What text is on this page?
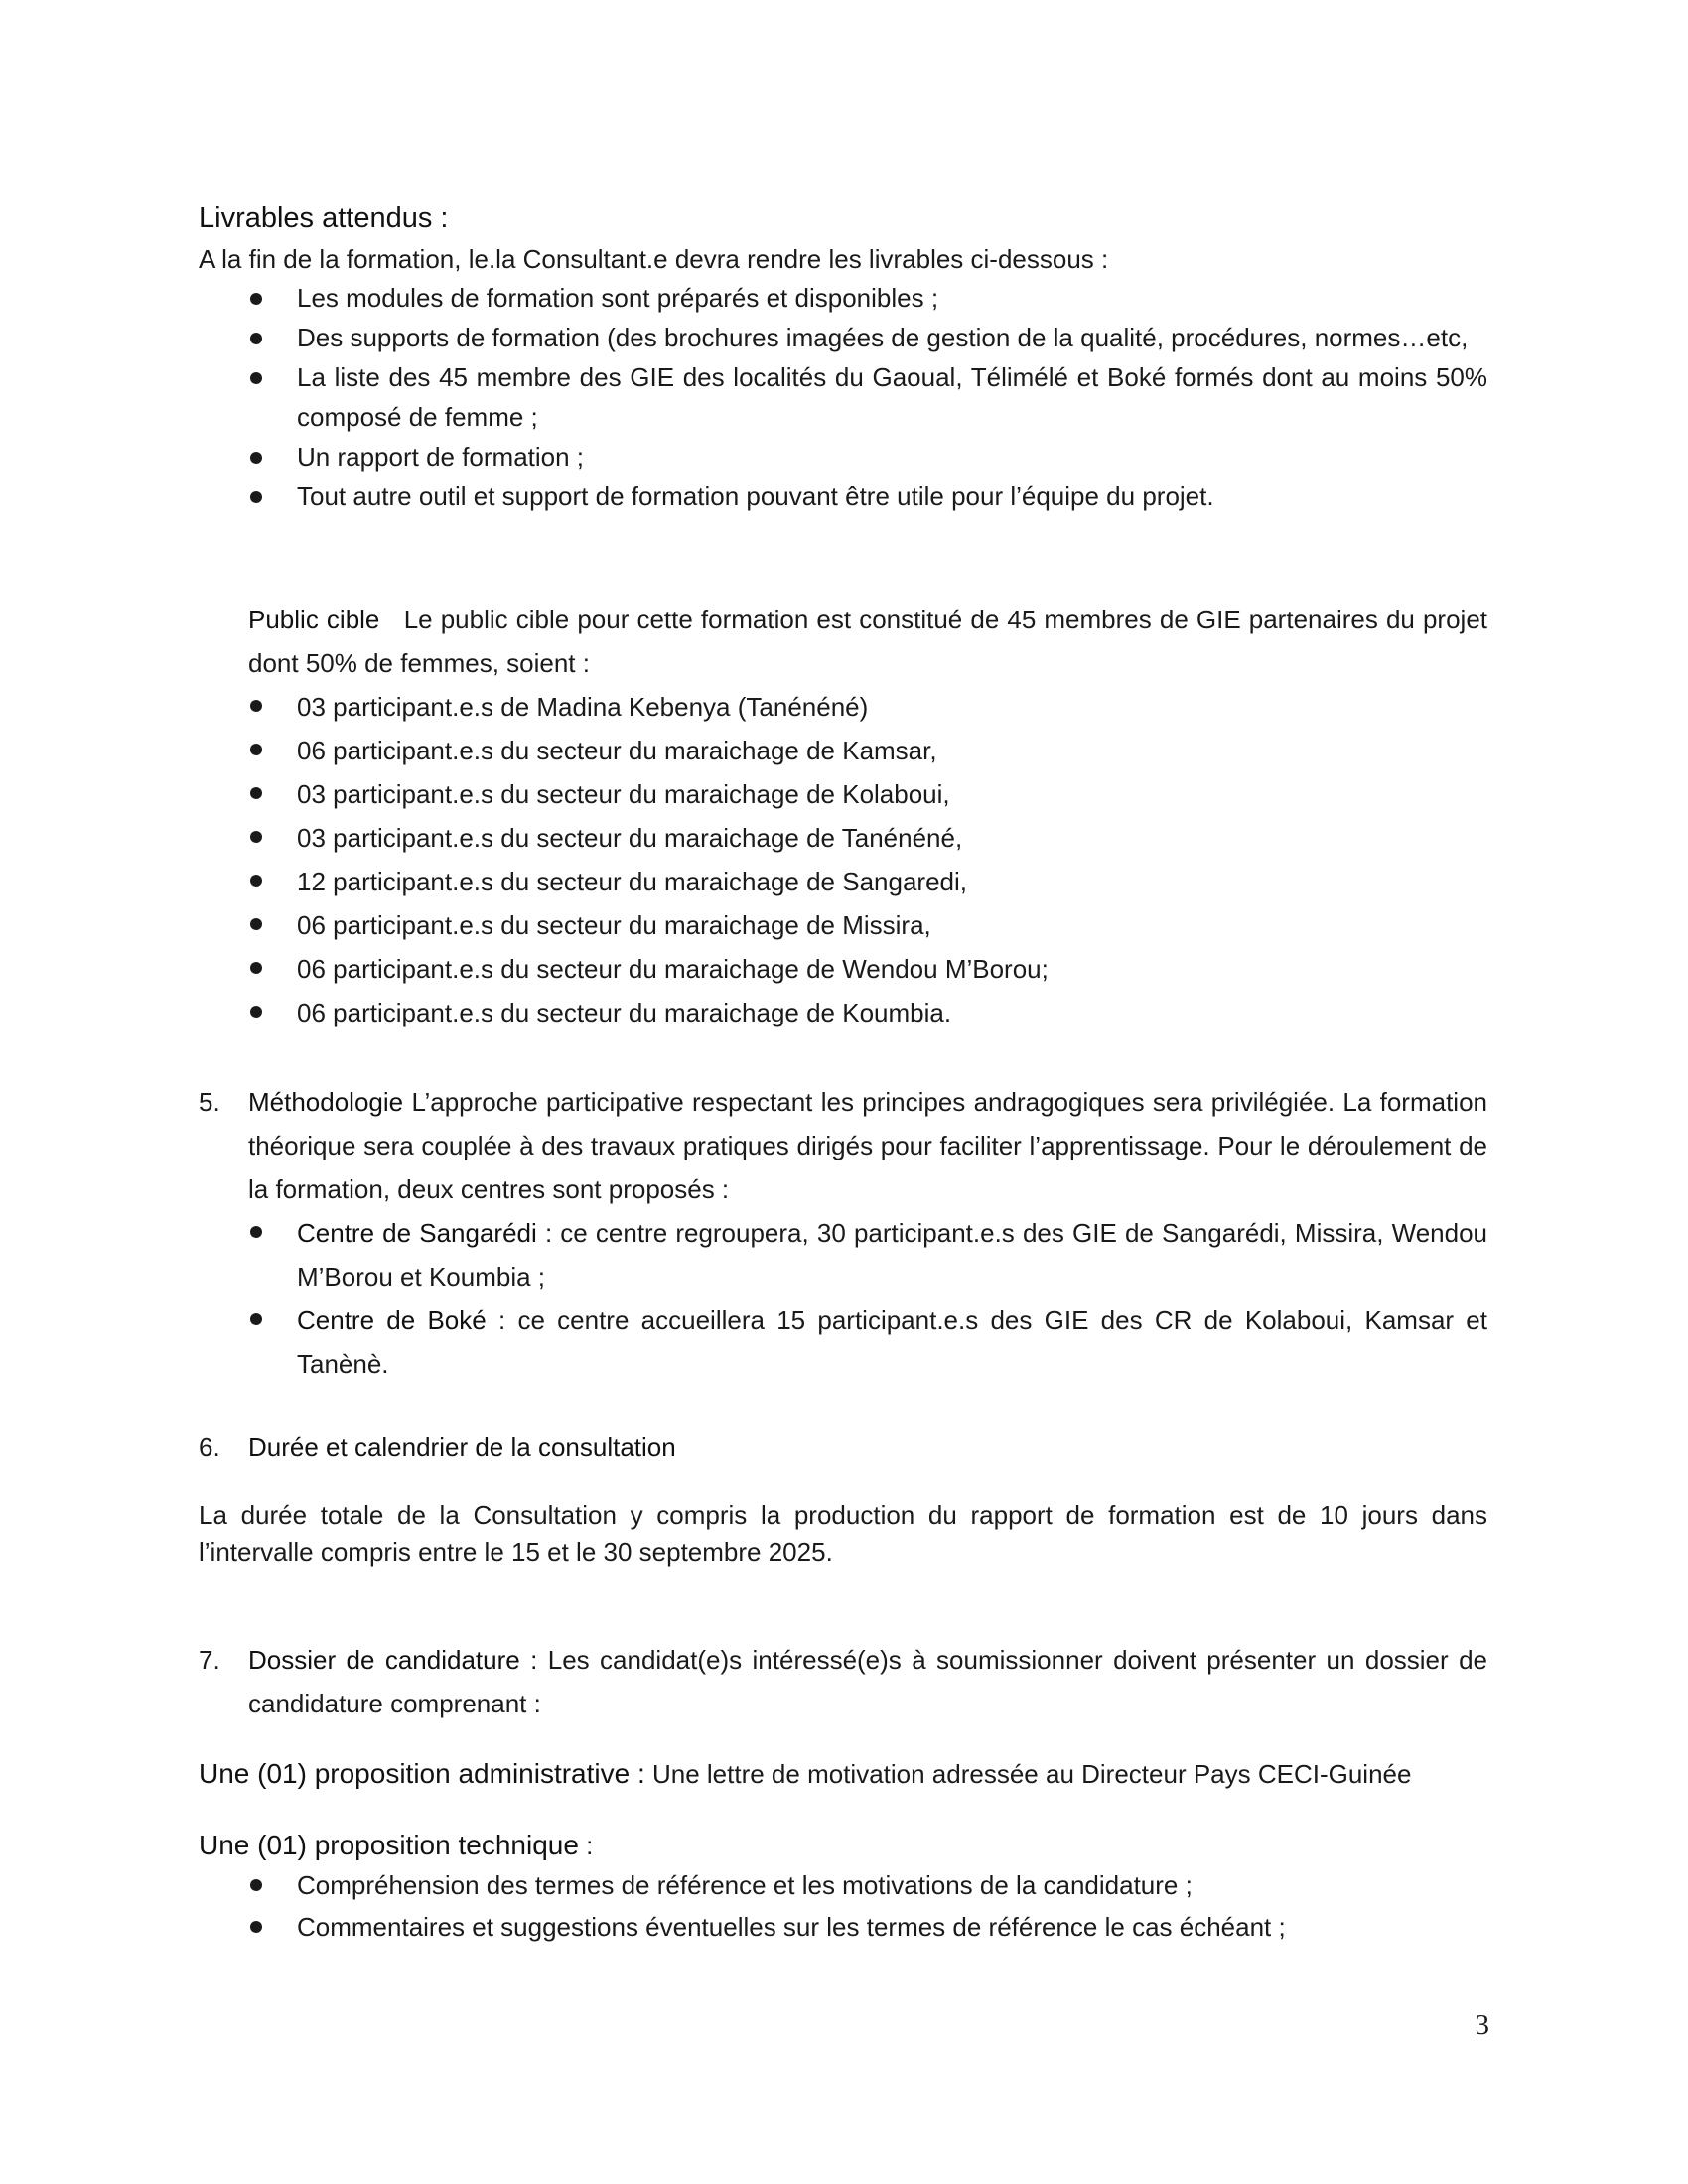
Livrables attendus :

A la fin de la formation, le.la Consultant.e devra rendre les livrables ci-dessous :

Les modules de formation sont préparés et disponibles ;
Des supports de formation (des brochures imagées de gestion de la qualité, procédures, normes…etc,
La liste des 45 membre des GIE des localités du Gaoual, Télimélé et Boké formés dont au moins 50% composé de femme ;
Un rapport de formation ;
Tout autre outil et support de formation pouvant être utile pour l’équipe du projet.

Public cible Le public cible pour cette formation est constitué de 45 membres de GIE partenaires du projet dont 50% de femmes, soient :

03 participant.e.s de Madina Kebenya (Tanénéné)
06 participant.e.s du secteur du maraichage de Kamsar,
03 participant.e.s du secteur du maraichage de Kolaboui,
03 participant.e.s du secteur du maraichage de Tanénéné,
12 participant.e.s du secteur du maraichage de Sangaredi,
06 participant.e.s du secteur du maraichage de Missira,
06 participant.e.s du secteur du maraichage de Wendou M’Borou;
06 participant.e.s du secteur du maraichage de Koumbia.

5. Méthodologie L’approche participative respectant les principes andragogiques sera privilégiée. La formation théorique sera couplée à des travaux pratiques dirigés pour faciliter l’apprentissage. Pour le déroulement de la formation, deux centres sont proposés :

Centre de Sangarédi : ce centre regroupera, 30 participant.e.s des GIE de Sangarédi, Missira, Wendou M’Borou et Koumbia ;
Centre de Boké : ce centre accueillera 15 participant.e.s des GIE des CR de Kolaboui, Kamsar et Tanènè.

6. Durée et calendrier de la consultation

La durée totale de la Consultation y compris la production du rapport de formation est de 10 jours dans l’intervalle compris entre le 15 et le 30 septembre 2025.

7. Dossier de candidature : Les candidat(e)s intéressé(e)s à soumissionner doivent présenter un dossier de candidature comprenant :

Une (01) proposition administrative : Une lettre de motivation adressée au Directeur Pays CECI-Guinée

Une (01) proposition technique :

Compréhension des termes de référence et les motivations de la candidature ;
Commentaires et suggestions éventuelles sur les termes de référence le cas échéant ;
3
